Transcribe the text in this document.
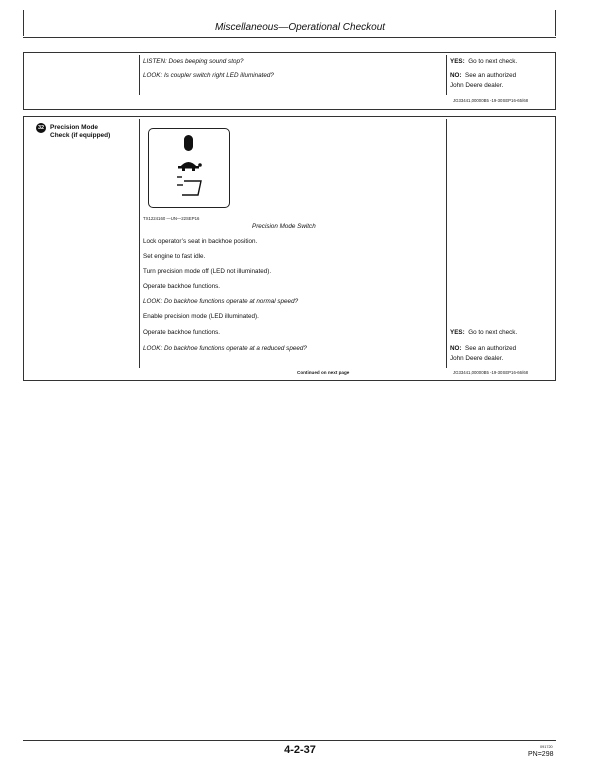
Miscellaneous—Operational Checkout
LISTEN: Does beeping sound stop?
LOOK: Is coupler switch right LED illuminated?
YES: Go to next check.
NO: See an authorized
John Deere dealer.
JG33441,00000B5 -19-30SEP16-65/68
32 Precision Mode
Check (if equipped)
TX1224160 —UN—22SEP16
Precision Mode Switch
Lock operator’s seat in backhoe position.
Set engine to fast idle.
Turn precision mode off (LED not illuminated).
Operate backhoe functions.
LOOK: Do backhoe functions operate at normal speed?
Enable precision mode (LED illuminated).
Operate backhoe functions.
LOOK: Do backhoe functions operate at a reduced speed?
YES: Go to next check.
NO: See an authorized
John Deere dealer.
Continued on next page	JG33441,00000B5 -19-30SEP16-66/68
4-2-37	091720
PN=298
